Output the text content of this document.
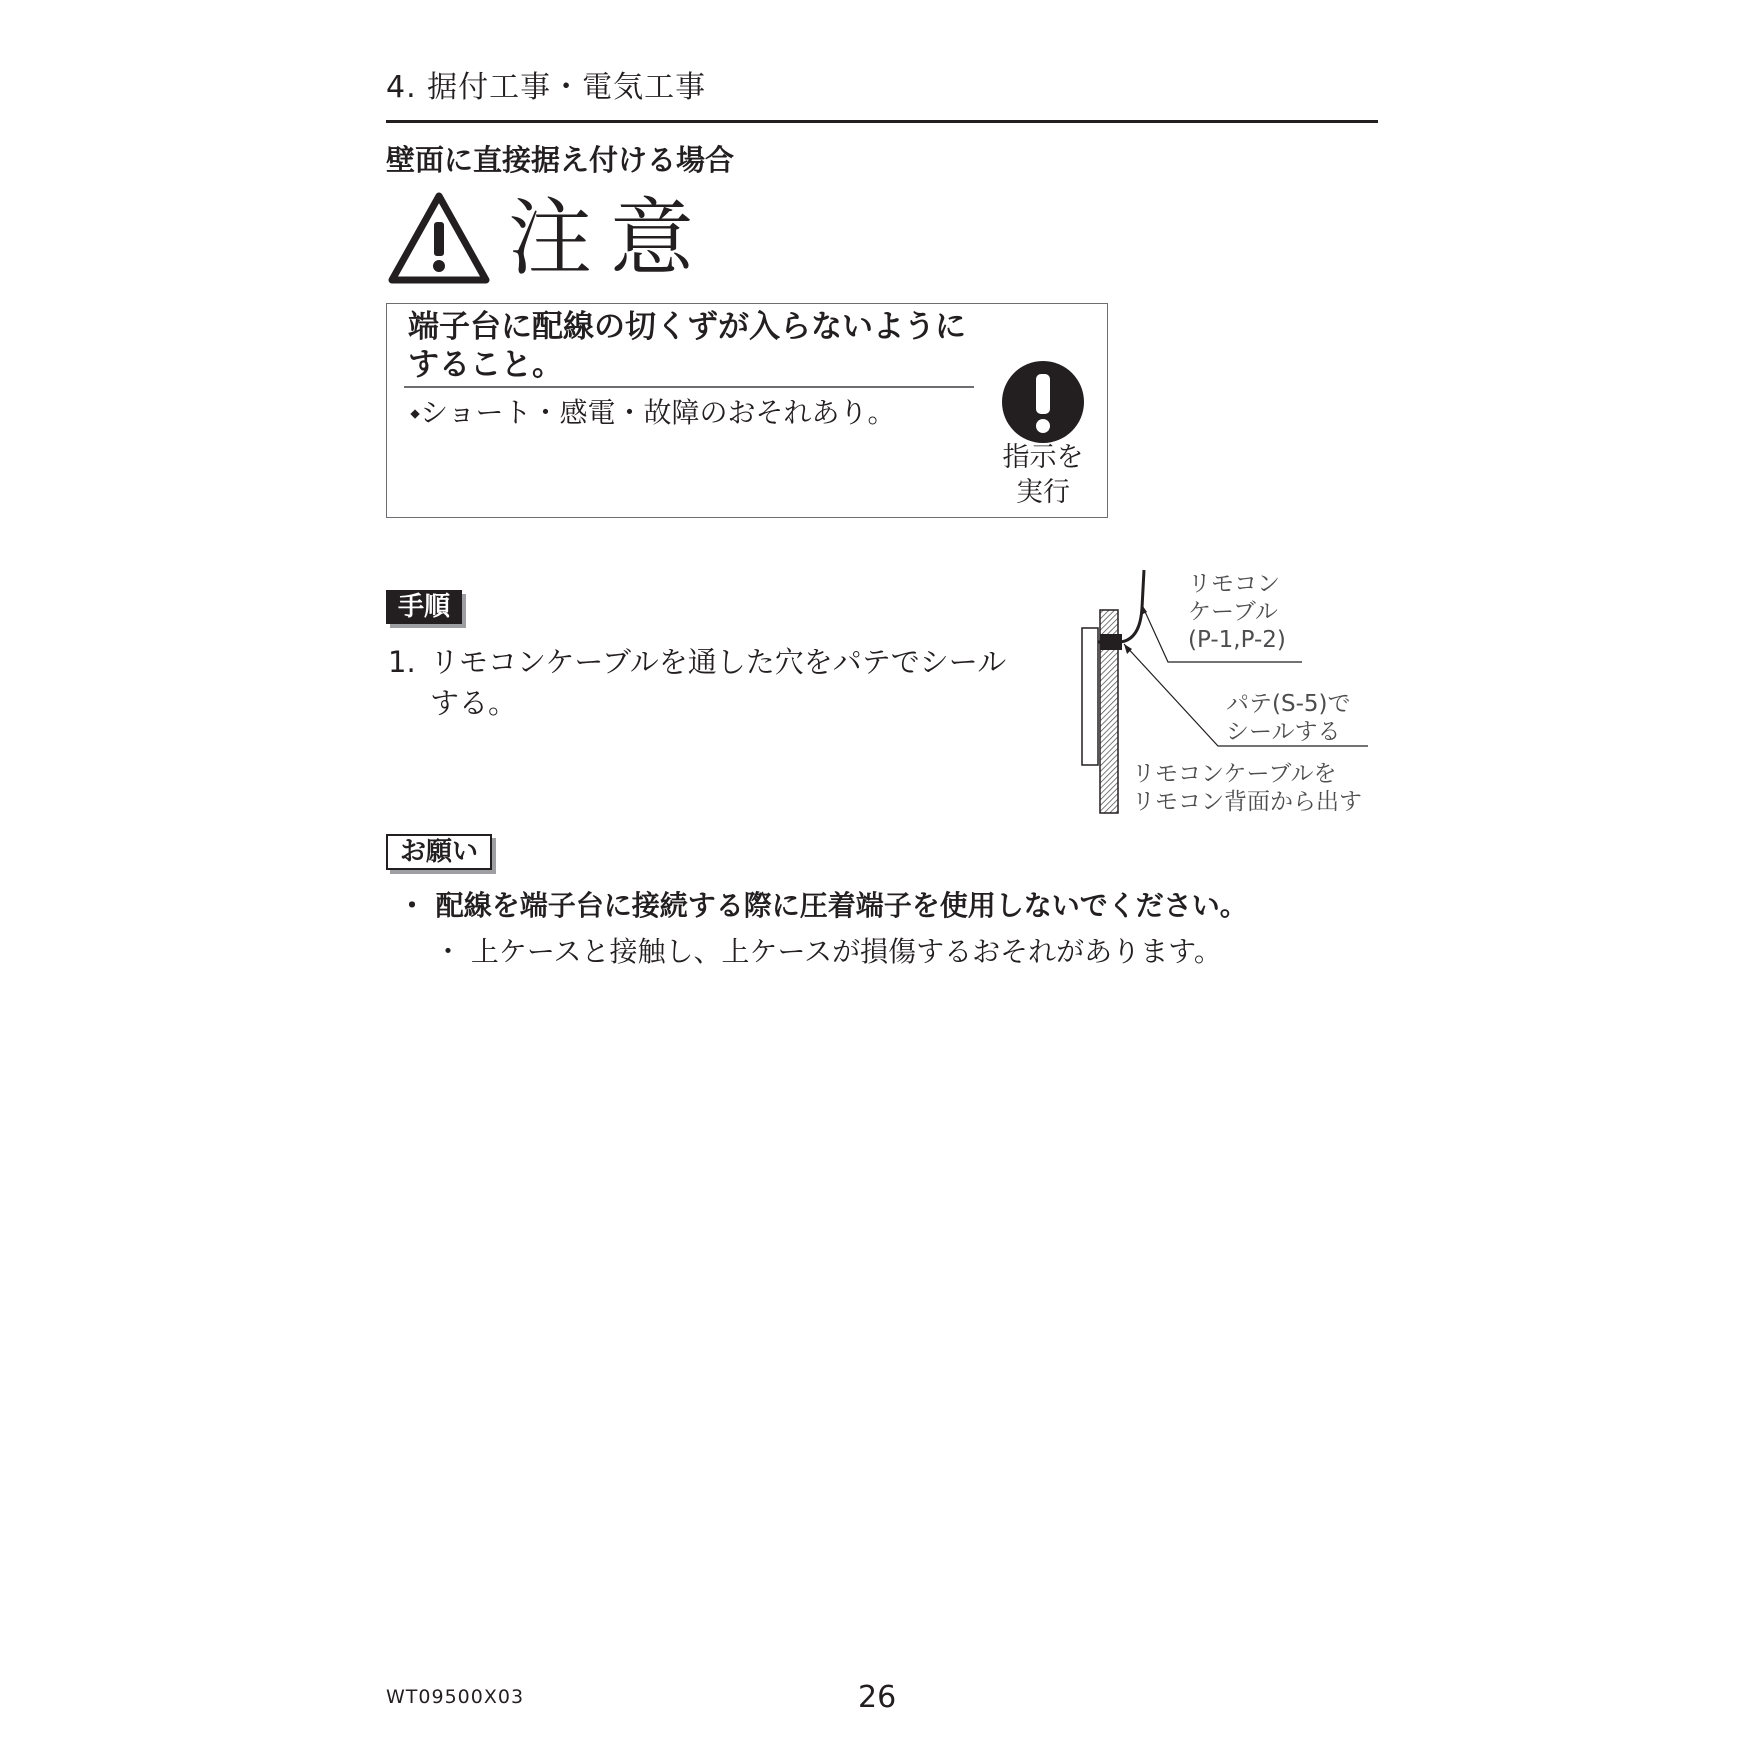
4. 据付工事・電気工事
壁面に直接据え付ける場合
注意
端子台に配線の切くずが入らないようにすること。
⬩ショート・感電・故障のおそれあり。
指示を
実行
手順
1. リモコンケーブルを通した穴をパテでシールする。
リモコン
ケーブル
(P-1,P-2)
パテ(S-5)で
シールする
リモコンケーブルを
リモコン背面から出す
お願い
・ 配線を端子台に接続する際に圧着端子を使用しないでください。
・ 上ケースと接触し、上ケースが損傷するおそれがあります。
WT09500X03	26
